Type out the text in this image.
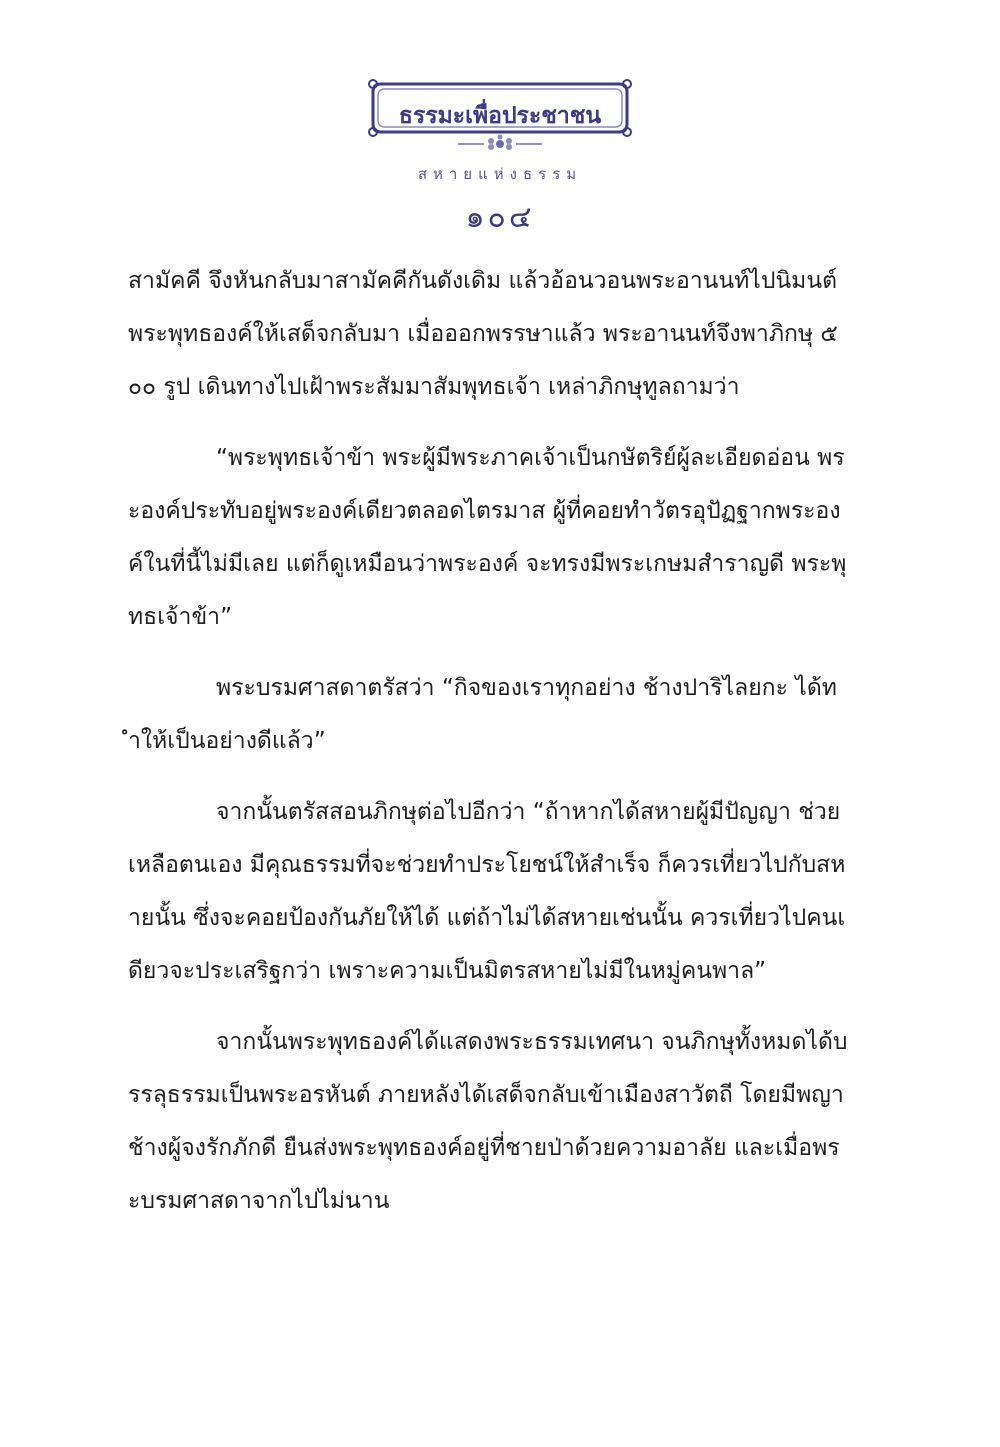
ธรรมะเพื่อประชาชน
สหายแห่งธรรม
๑๐๔

สามัคคี จึงหันกลับมาสามัคคีกันดังเดิม แล้วอ้อนวอนพระอานนท์ไปนิมนต์พระพุทธองค์ให้เสด็จกลับมา เมื่อออกพรรษาแล้ว พระอานนท์จึงพาภิกษุ ๕๐๐ รูป เดินทางไปเฝ้าพระสัมมาสัมพุทธเจ้า เหล่าภิกษุทูลถามว่า

“พระพุทธเจ้าข้า พระผู้มีพระภาคเจ้าเป็นกษัตริย์ผู้ละเอียดอ่อน พระองค์ประทับอยู่พระองค์เดียวตลอดไตรมาส ผู้ที่คอยทำวัตรอุปัฏฐากพระองค์ในที่นี้ไม่มีเลย แต่ก็ดูเหมือนว่าพระองค์ จะทรงมีพระเกษมสำราญดี พระพุทธเจ้าข้า”

พระบรมศาสดาตรัสว่า “กิจของเราทุกอย่าง ช้างปาริไลยกะ ได้ทำให้เป็นอย่างดีแล้ว”

จากนั้นตรัสสอนภิกษุต่อไปอีกว่า “ถ้าหากได้สหายผู้มีปัญญา ช่วยเหลือตนเอง มีคุณธรรมที่จะช่วยทำประโยชน์ให้สำเร็จ ก็ควรเที่ยวไปกับสหายนั้น ซึ่งจะคอยป้องกันภัยให้ได้ แต่ถ้าไม่ได้สหายเช่นนั้น ควรเที่ยวไปคนเดียวจะประเสริฐกว่า เพราะความเป็นมิตรสหายไม่มีในหมู่คนพาล”

จากนั้นพระพุทธองค์ได้แสดงพระธรรมเทศนา จนภิกษุทั้งหมดได้บรรลุธรรมเป็นพระอรหันต์ ภายหลังได้เสด็จกลับเข้าเมืองสาวัตถี โดยมีพญาช้างผู้จงรักภักดี ยืนส่งพระพุทธองค์อยู่ที่ชายป่าด้วยความอาลัย และเมื่อพระบรมศาสดาจากไปไม่นาน
